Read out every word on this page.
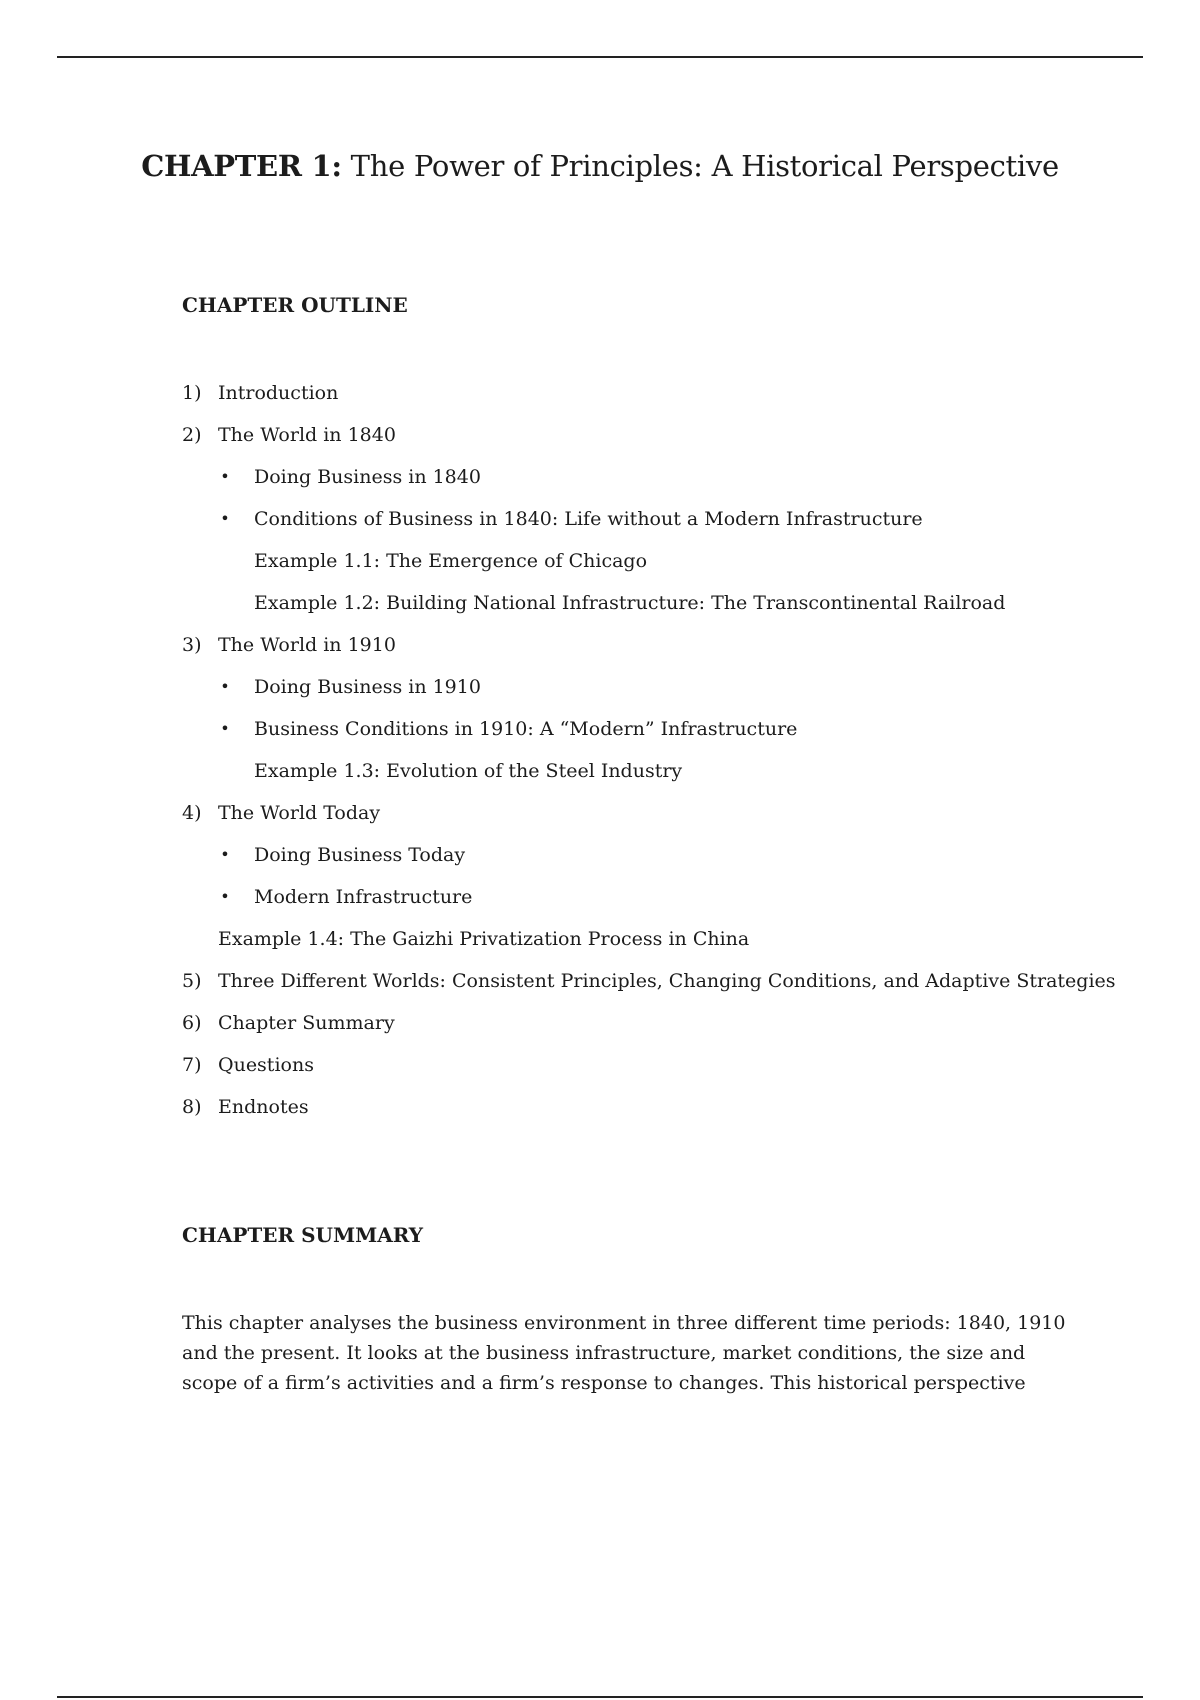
CHAPTER 1: The Power of Principles: A Historical Perspective
CHAPTER OUTLINE
1) Introduction
2) The World in 1840
• Doing Business in 1840
• Conditions of Business in 1840: Life without a Modern Infrastructure
Example 1.1: The Emergence of Chicago
Example 1.2: Building National Infrastructure: The Transcontinental Railroad
3) The World in 1910
• Doing Business in 1910
• Business Conditions in 1910: A “Modern” Infrastructure
Example 1.3: Evolution of the Steel Industry
4) The World Today
• Doing Business Today
• Modern Infrastructure
Example 1.4: The Gaizhi Privatization Process in China
5) Three Different Worlds: Consistent Principles, Changing Conditions, and Adaptive Strategies
6) Chapter Summary
7) Questions
8) Endnotes
CHAPTER SUMMARY

This chapter analyses the business environment in three different time periods: 1840, 1910

and the present. It looks at the business infrastructure, market conditions, the size and

scope of a firm’s activities and a firm’s response to changes. This historical perspective
